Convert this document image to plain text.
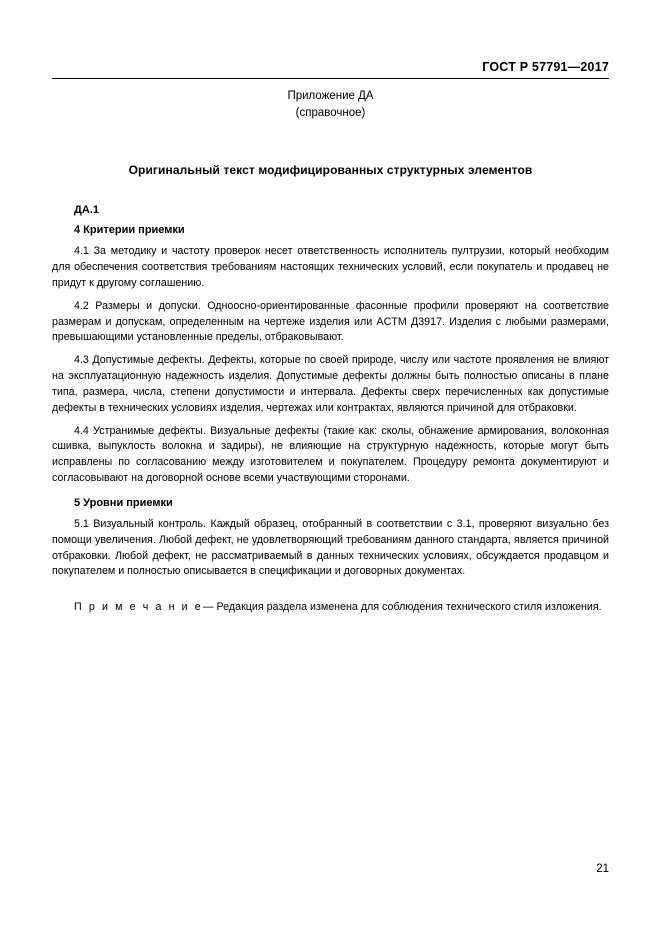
ГОСТ Р 57791—2017
Приложение ДА
(справочное)
Оригинальный текст модифицированных структурных элементов
ДА.1
4 Критерии приемки

4.1 За методику и частоту проверок несет ответственность исполнитель пултрузии, который необходим для обеспечения соответствия требованиям настоящих технических условий, если покупатель и продавец не придут к другому соглашению.

4.2 Размеры и допуски. Одноосно-ориентированные фасонные профили проверяют на соответствие размерам и допускам, определенным на чертеже изделия или ACTM Д3917. Изделия с любыми размерами, превышающими установленные пределы, отбраковывают.

4.3 Допустимые дефекты. Дефекты, которые по своей природе, числу или частоте проявления не влияют на эксплуатационную надежность изделия. Допустимые дефекты должны быть полностью описаны в плане типа, размера, числа, степени допустимости и интервала. Дефекты сверх перечисленных как допустимые дефекты в технических условиях изделия, чертежах или контрактах, являются причиной для отбраковки.

4.4 Устранимые дефекты. Визуальные дефекты (такие как: сколы, обнажение армирования, волоконная сшивка, выпуклость волокна и задиры), не влияющие на структурную надежность, которые могут быть исправлены по согласованию между изготовителем и покупателем. Процедуру ремонта документируют и согласовывают на договорной основе всеми участвующими сторонами.

5 Уровни приемки

5.1 Визуальный контроль. Каждый образец, отобранный в соответствии с 3.1, проверяют визуально без помощи увеличения. Любой дефект, не удовлетворяющий требованиям данного стандарта, является причиной отбраковки. Любой дефект, не рассматриваемый в данных технических условиях, обсуждается продавцом и покупателем и полностью описывается в спецификации и договорных документах.

П р и м е ч а н и е— Редакция раздела изменена для соблюдения технического стиля изложения.
21
